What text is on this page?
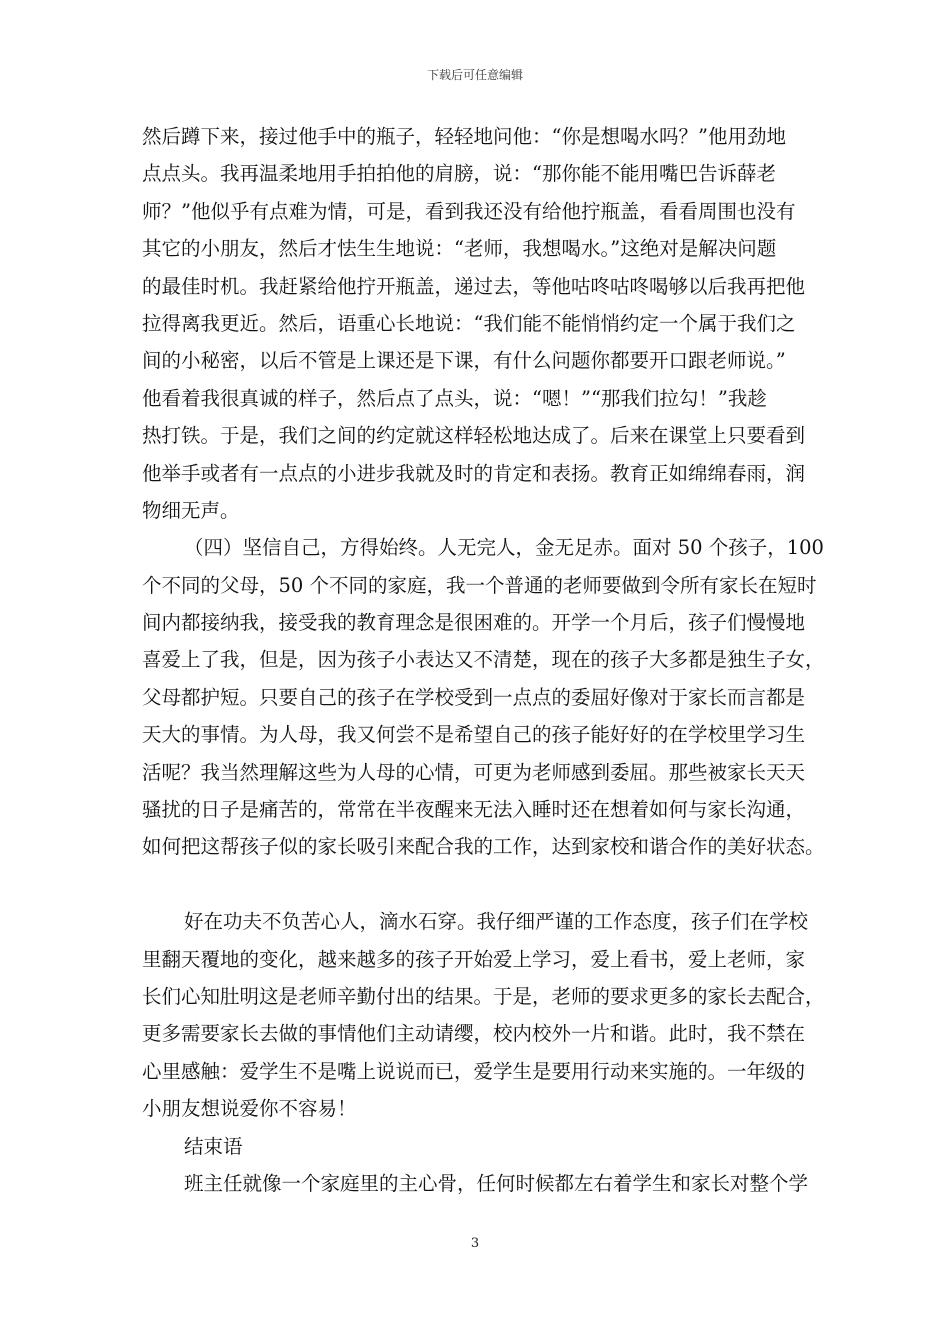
下载后可任意编辑
然后蹲下来，接过他手中的瓶子，轻轻地问他：“你是想喝水吗？”他用劲地
点点头。我再温柔地用手拍拍他的肩膀，说：“那你能不能用嘴巴告诉薛老
师？”他似乎有点难为情，可是，看到我还没有给他拧瓶盖，看看周围也没有
其它的小朋友，然后才怯生生地说：“老师，我想喝水。”这绝对是解决问题
的最佳时机。我赶紧给他拧开瓶盖，递过去，等他咕咚咕咚喝够以后我再把他
拉得离我更近。然后，语重心长地说：“我们能不能悄悄约定一个属于我们之
间的小秘密，以后不管是上课还是下课，有什么问题你都要开口跟老师说。”
他看着我很真诚的样子，然后点了点头，说：“嗯！”“那我们拉勾！”我趁
热打铁。于是，我们之间的约定就这样轻松地达成了。后来在课堂上只要看到
他举手或者有一点点的小进步我就及时的肯定和表扬。教育正如绵绵春雨，润
物细无声。
（四）坚信自己，方得始终。人无完人，金无足赤。面对 50 个孩子，100
个不同的父母，50 个不同的家庭，我一个普通的老师要做到令所有家长在短时
间内都接纳我，接受我的教育理念是很困难的。开学一个月后，孩子们慢慢地
喜爱上了我，但是，因为孩子小表达又不清楚，现在的孩子大多都是独生子女，
父母都护短。只要自己的孩子在学校受到一点点的委屈好像对于家长而言都是
天大的事情。为人母，我又何尝不是希望自己的孩子能好好的在学校里学习生
活呢？我当然理解这些为人母的心情，可更为老师感到委屈。那些被家长天天
骚扰的日子是痛苦的，常常在半夜醒来无法入睡时还在想着如何与家长沟通，
如何把这帮孩子似的家长吸引来配合我的工作，达到家校和谐合作的美好状态。
好在功夫不负苦心人，滴水石穿。我仔细严谨的工作态度，孩子们在学校
里翻天覆地的变化，越来越多的孩子开始爱上学习，爱上看书，爱上老师，家
长们心知肚明这是老师辛勤付出的结果。于是，老师的要求更多的家长去配合，
更多需要家长去做的事情他们主动请缨，校内校外一片和谐。此时，我不禁在
心里感触：爱学生不是嘴上说说而已，爱学生是要用行动来实施的。一年级的
小朋友想说爱你不容易！
结束语
班主任就像一个家庭里的主心骨，任何时候都左右着学生和家长对整个学
3
